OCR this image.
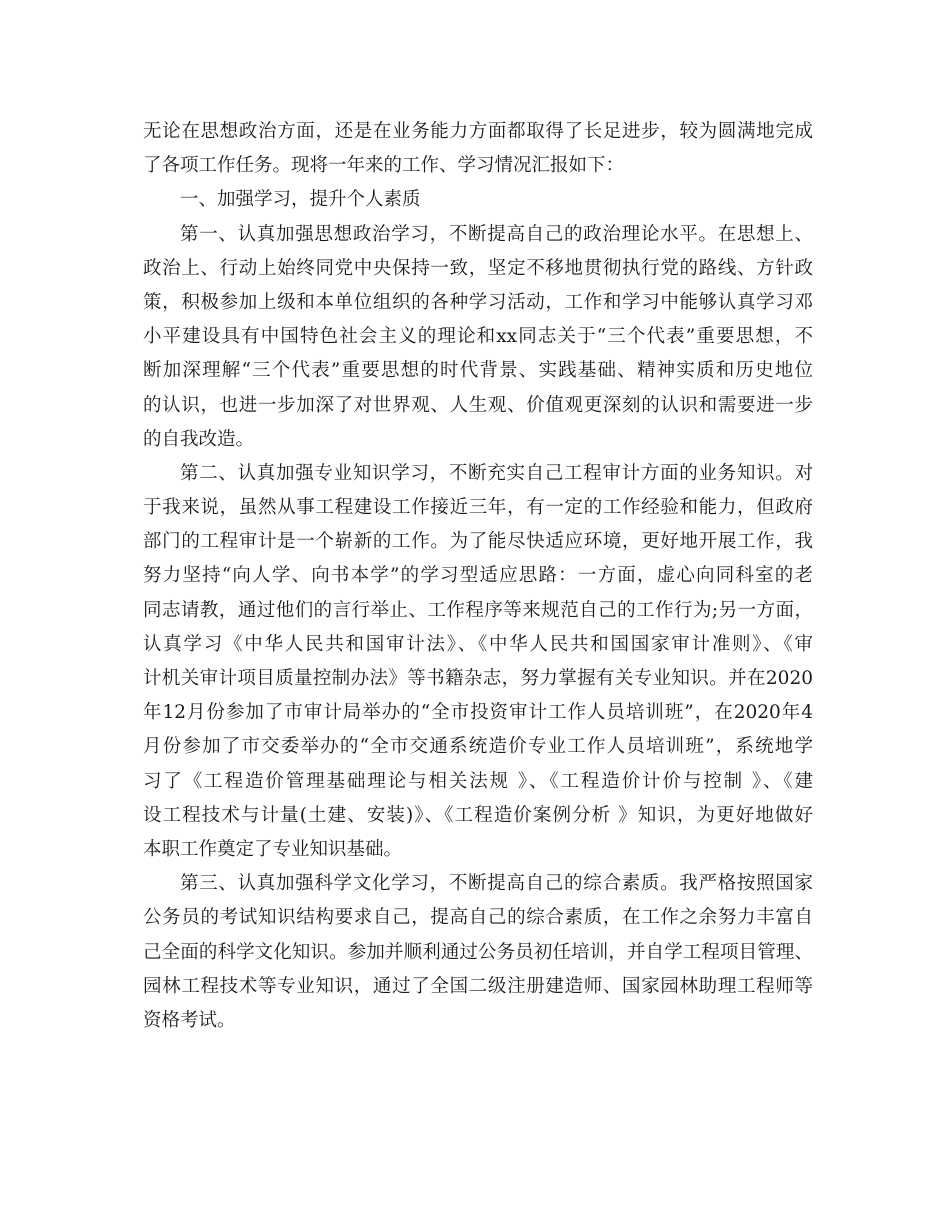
无论在思想政治方面，还是在业务能力方面都取得了长足进步，较为圆满地完成
了各项工作任务。现将一年来的工作、学习情况汇报如下：
一、加强学习，提升个人素质
第一、认真加强思想政治学习，不断提高自己的政治理论水平。在思想上、
政治上、行动上始终同党中央保持一致，坚定不移地贯彻执行党的路线、方针政
策，积极参加上级和本单位组织的各种学习活动，工作和学习中能够认真学习邓
小平建设具有中国特色社会主义的理论和xx同志关于“三个代表”重要思想，不
断加深理解“三个代表”重要思想的时代背景、实践基础、精神实质和历史地位
的认识，也进一步加深了对世界观、人生观、价值观更深刻的认识和需要进一步
的自我改造。
第二、认真加强专业知识学习，不断充实自己工程审计方面的业务知识。对
于我来说，虽然从事工程建设工作接近三年，有一定的工作经验和能力，但政府
部门的工程审计是一个崭新的工作。为了能尽快适应环境，更好地开展工作，我
努力坚持“向人学、向书本学”的学习型适应思路：一方面，虚心向同科室的老
同志请教，通过他们的言行举止、工作程序等来规范自己的工作行为;另一方面，
认真学习《中华人民共和国审计法》、《中华人民共和国国家审计准则》、《审
计机关审计项目质量控制办法》等书籍杂志，努力掌握有关专业知识。并在2020
年12月份参加了市审计局举办的“全市投资审计工作人员培训班”，在2020年4
月份参加了市交委举办的“全市交通系统造价专业工作人员培训班”，系统地学
习了《工程造价管理基础理论与相关法规 》、《工程造价计价与控制 》、《建
设工程技术与计量(土建、安装)》、《工程造价案例分析 》知识，为更好地做好
本职工作奠定了专业知识基础。
第三、认真加强科学文化学习，不断提高自己的综合素质。我严格按照国家
公务员的考试知识结构要求自己，提高自己的综合素质，在工作之余努力丰富自
己全面的科学文化知识。参加并顺利通过公务员初任培训，并自学工程项目管理、
园林工程技术等专业知识，通过了全国二级注册建造师、国家园林助理工程师等
资格考试。
